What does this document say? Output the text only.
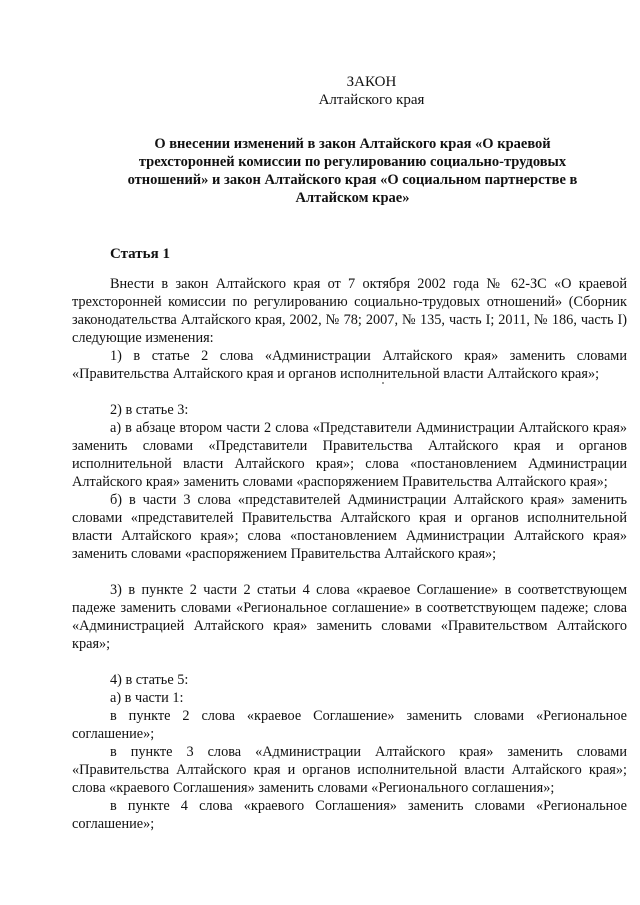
ЗАКОН
Алтайского края
О внесении изменений в закон Алтайского края «О краевой трехсторонней комиссии по регулированию социально-трудовых отношений» и закон Алтайского края «О социальном партнерстве в Алтайском крае»
Статья 1

Внести в закон Алтайского края от 7 октября 2002 года № 62-ЗС «О краевой трехсторонней комиссии по регулированию социально-трудовых отношений» (Сборник законодательства Алтайского края, 2002, № 78; 2007, № 135, часть I; 2011, № 186, часть I) следующие изменения:

1) в статье 2 слова «Администрации Алтайского края» заменить словами «Правительства Алтайского края и органов исполнительной власти Алтайского края»;

2) в статье 3:

а) в абзаце втором части 2 слова «Представители Администрации Алтайского края» заменить словами «Представители Правительства Алтайского края и органов исполнительной власти Алтайского края»; слова «постановлением Администрации Алтайского края» заменить словами «распоряжением Правительства Алтайского края»;

б) в части 3 слова «представителей Администрации Алтайского края» заменить словами «представителей Правительства Алтайского края и органов исполнительной власти Алтайского края»; слова «постановлением Администрации Алтайского края» заменить словами «распоряжением Правительства Алтайского края»;

3) в пункте 2 части 2 статьи 4 слова «краевое Соглашение» в соответствующем падеже заменить словами «Региональное соглашение» в соответствующем падеже; слова «Администрацией Алтайского края» заменить словами «Правительством Алтайского края»;

4) в статье 5:

а) в части 1:

в пункте 2 слова «краевое Соглашение» заменить словами «Региональное соглашение»;

в пункте 3 слова «Администрации Алтайского края» заменить словами «Правительства Алтайского края и органов исполнительной власти Алтайского края»; слова «краевого Соглашения» заменить словами «Регионального соглашения»;

в пункте 4 слова «краевого Соглашения» заменить словами «Региональное соглашение»;
